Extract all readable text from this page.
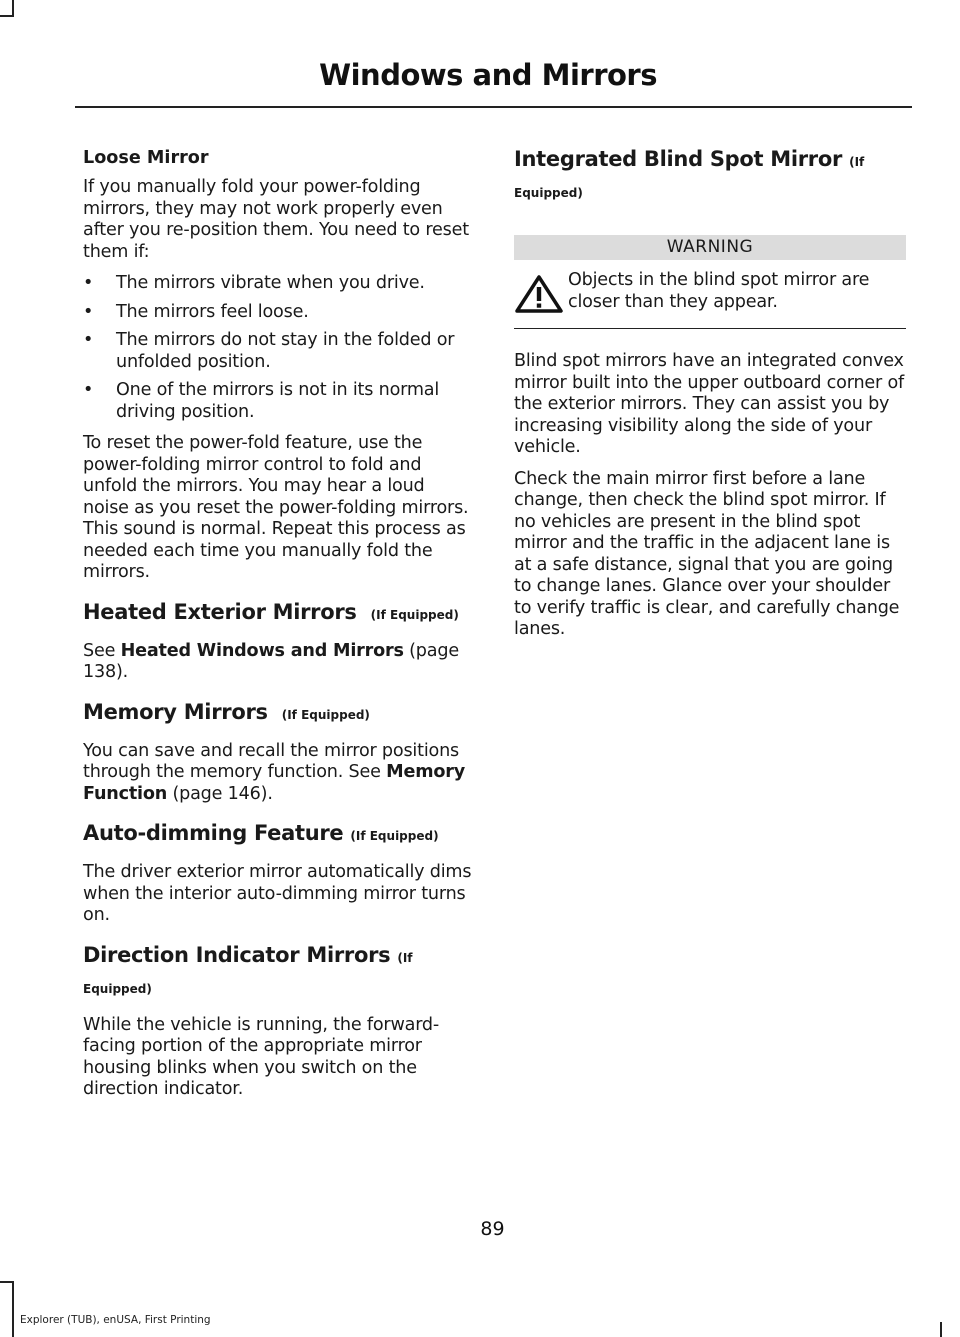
Windows and Mirrors
Loose Mirror

If you manually fold your power-folding mirrors, they may not work properly even after you re-position them. You need to reset them if:

• The mirrors vibrate when you drive.
• The mirrors feel loose.
• The mirrors do not stay in the folded or unfolded position.
• One of the mirrors is not in its normal driving position.

To reset the power-fold feature, use the power-folding mirror control to fold and unfold the mirrors. You may hear a loud noise as you reset the power-folding mirrors. This sound is normal. Repeat this process as needed each time you manually fold the mirrors.

Heated Exterior Mirrors (If Equipped)

See Heated Windows and Mirrors (page 138).

Memory Mirrors (If Equipped)

You can save and recall the mirror positions through the memory function. See Memory Function (page 146).

Auto-dimming Feature (If Equipped)

The driver exterior mirror automatically dims when the interior auto-dimming mirror turns on.

Direction Indicator Mirrors (If Equipped)

While the vehicle is running, the forward-facing portion of the appropriate mirror housing blinks when you switch on the direction indicator.

Integrated Blind Spot Mirror (If Equipped)
WARNING

Objects in the blind spot mirror are closer than they appear.

Blind spot mirrors have an integrated convex mirror built into the upper outboard corner of the exterior mirrors. They can assist you by increasing visibility along the side of your vehicle.

Check the main mirror first before a lane change, then check the blind spot mirror. If no vehicles are present in the blind spot mirror and the traffic in the adjacent lane is at a safe distance, signal that you are going to change lanes. Glance over your shoulder to verify traffic is clear, and carefully change lanes.

89
Explorer (TUB), enUSA, First Printing
